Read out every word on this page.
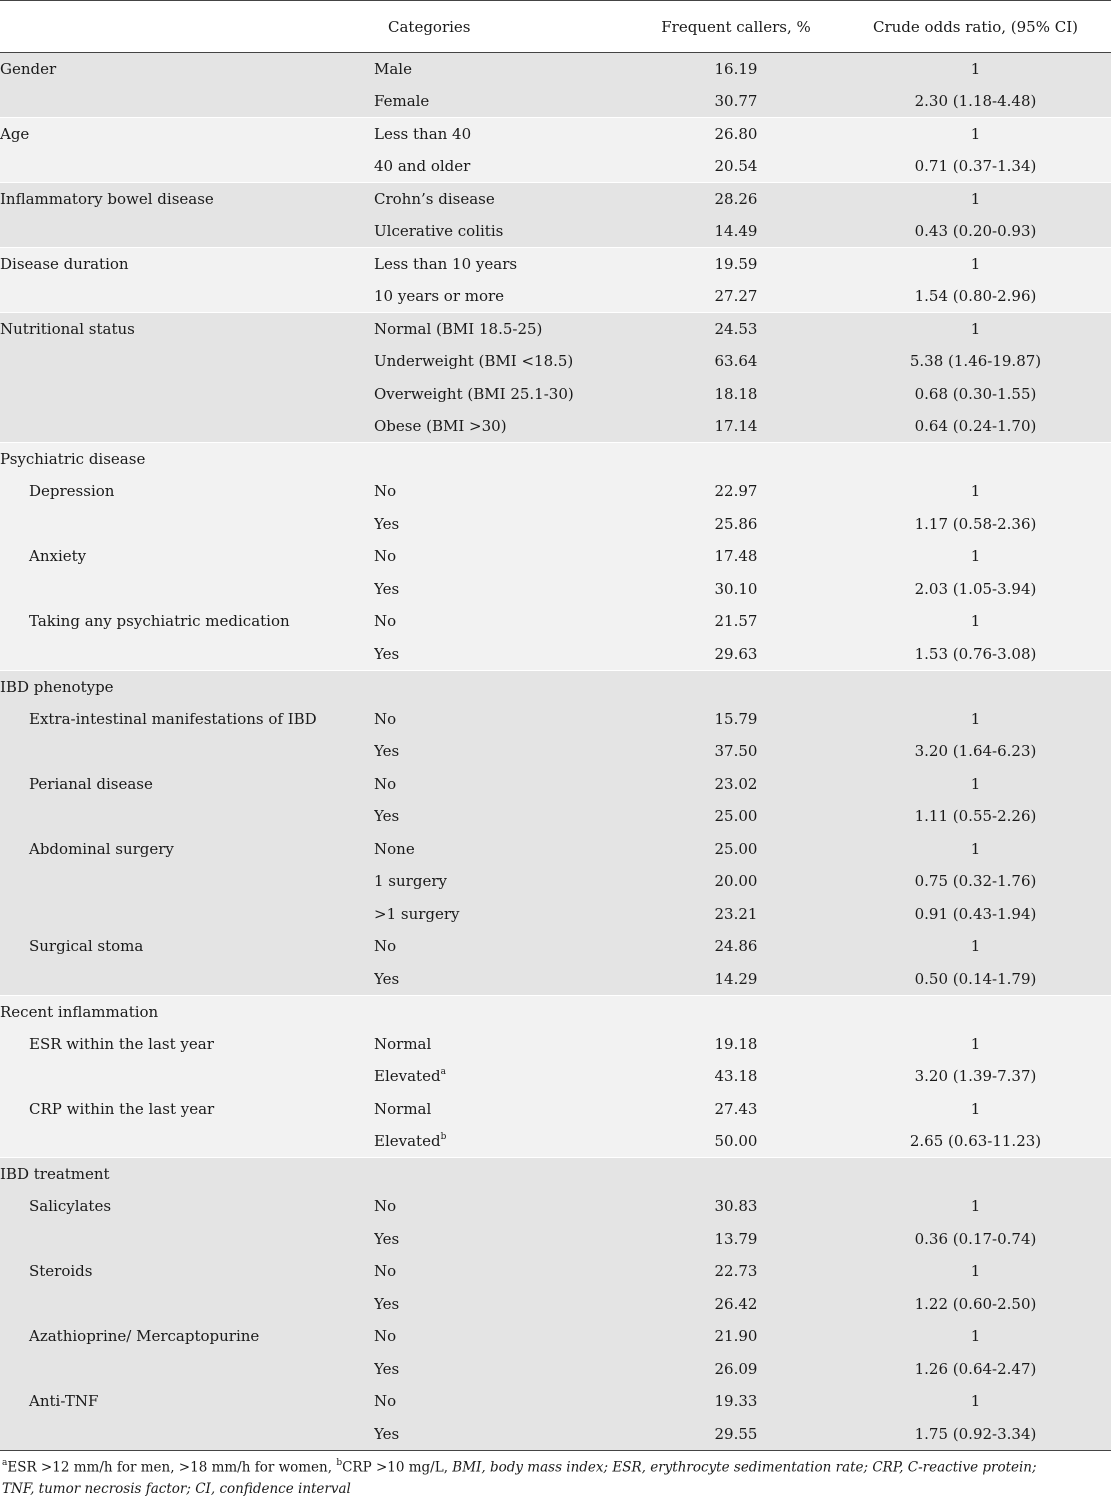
	Categories	Frequent callers, %	Crude odds ratio, (95% CI)
Gender	Male	16.19	1
	Female	30.77	2.30 (1.18-4.48)
Age	Less than 40	26.80	1
	40 and older	20.54	0.71 (0.37-1.34)
Inflammatory bowel disease	Crohn’s disease	28.26	1
	Ulcerative colitis	14.49	0.43 (0.20-0.93)
Disease duration	Less than 10 years	19.59	1
	10 years or more	27.27	1.54 (0.80-2.96)
Nutritional status	Normal (BMI 18.5-25)	24.53	1
	Underweight (BMI <18.5)	63.64	5.38 (1.46-19.87)
	Overweight (BMI 25.1-30)	18.18	0.68 (0.30-1.55)
	Obese (BMI >30)	17.14	0.64 (0.24-1.70)
Psychiatric disease			
Depression	No	22.97	1
	Yes	25.86	1.17 (0.58-2.36)
Anxiety	No	17.48	1
	Yes	30.10	2.03 (1.05-3.94)
Taking any psychiatric medication	No	21.57	1
	Yes	29.63	1.53 (0.76-3.08)
IBD phenotype			
Extra-intestinal manifestations of IBD	No	15.79	1
	Yes	37.50	3.20 (1.64-6.23)
Perianal disease	No	23.02	1
	Yes	25.00	1.11 (0.55-2.26)
Abdominal surgery	None	25.00	1
	1 surgery	20.00	0.75 (0.32-1.76)
	>1 surgery	23.21	0.91 (0.43-1.94)
Surgical stoma	No	24.86	1
	Yes	14.29	0.50 (0.14-1.79)
Recent inflammation			
ESR within the last year	Normal	19.18	1
	Elevated$^a$	43.18	3.20 (1.39-7.37)
CRP within the last year	Normal	27.43	1
	Elevated$^b$	50.00	2.65 (0.63-11.23)
IBD treatment			
Salicylates	No	30.83	1
	Yes	13.79	0.36 (0.17-0.74)
Steroids	No	22.73	1
	Yes	26.42	1.22 (0.60-2.50)
Azathioprine/ Mercaptopurine	No	21.90	1
	Yes	26.09	1.26 (0.64-2.47)
Anti-TNF	No	19.33	1
	Yes	29.55	1.75 (0.92-3.34)
$^a$ESR >12 mm/h for men, >18 mm/h for women, $^b$CRP >10 mg/L, BMI, body mass index; ESR, erythrocyte sedimentation rate; CRP, C-reactive protein;
TNF, tumor necrosis factor; CI, confidence interval
